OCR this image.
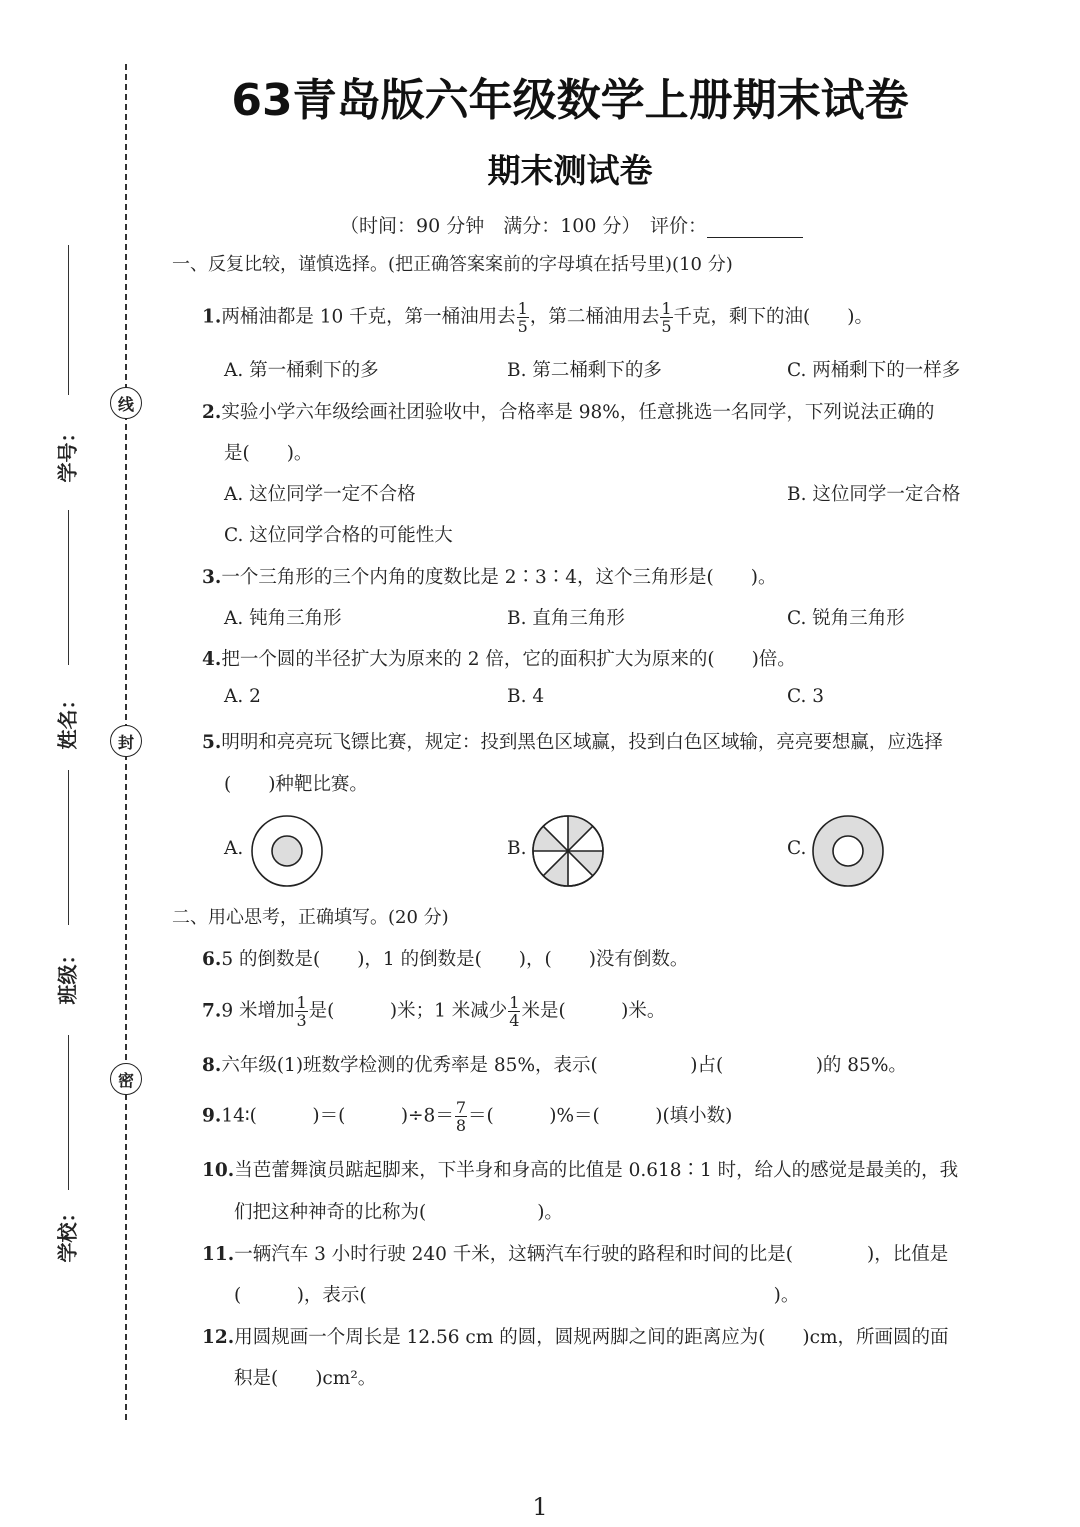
线
封
密
学号：
姓名：
班级：
学校：
63青岛版六年级数学上册期末试卷
期末测试卷
（时间：90 分钟　满分：100 分）　 评价：
一、反复比较，谨慎选择。(把正确答案案前的字母填在括号里)(10 分)
1.两桶油都是 10 千克，第一桶油用去 $\frac{1}{5}$ ，第二桶油用去 $\frac{1}{5}$ 千克，剩下的油(　　)。
A. 第一桶剩下的多	B. 第二桶剩下的多	C. 两桶剩下的一样多
2.实验小学六年级绘画社团验收中，合格率是 98%，任意挑选一名同学，下列说法正确的
是(　　)。
A. 这位同学一定不合格	B. 这位同学一定合格
C. 这位同学合格的可能性大
3.一个三角形的三个内角的度数比是 2∶3∶4，这个三角形是(　　)。
A. 钝角三角形	B. 直角三角形	C. 锐角三角形
4.把一个圆的半径扩大为原来的 2 倍，它的面积扩大为原来的(　　)倍。
A. 2	B. 4	C. 3
5.明明和亮亮玩飞镖比赛，规定：投到黑色区域赢，投到白色区域输，亮亮要想赢，应选择
(　　)种靶比赛。
A.	B.	C.
二、用心思考，正确填写。(20 分)
6.5 的倒数是(　　)，1 的倒数是(　　)，(　　)没有倒数。
7.9 米增加 $\frac{1}{3}$ 是(　　　)米；1 米减少 $\frac{1}{4}$ 米是(　　　)米。
8.六年级(1)班数学检测的优秀率是 85%，表示(　　　　　)占(　　　　　)的 85%。
9.14∶(　　　)＝(　　　)$\div 8= \frac{7}{8}$ ＝(　　　)%＝(　　　)(填小数)
10.当芭蕾舞演员踮起脚来，下半身和身高的比值是 0.618∶1 时，给人的感觉是最美的，我
们把这种神奇的比称为(　　　　　　)。
11.一辆汽车 3 小时行驶 240 千米，这辆汽车行驶的路程和时间的比是(　　　　)，比值是
(　　　)，表示(　　　　　　　　　　　　　　　　　　　　　　)。
12.用圆规画一个周长是 12.56 cm 的圆，圆规两脚之间的距离应为(　　)cm，所画圆的面
积是(　　)cm²。
1
